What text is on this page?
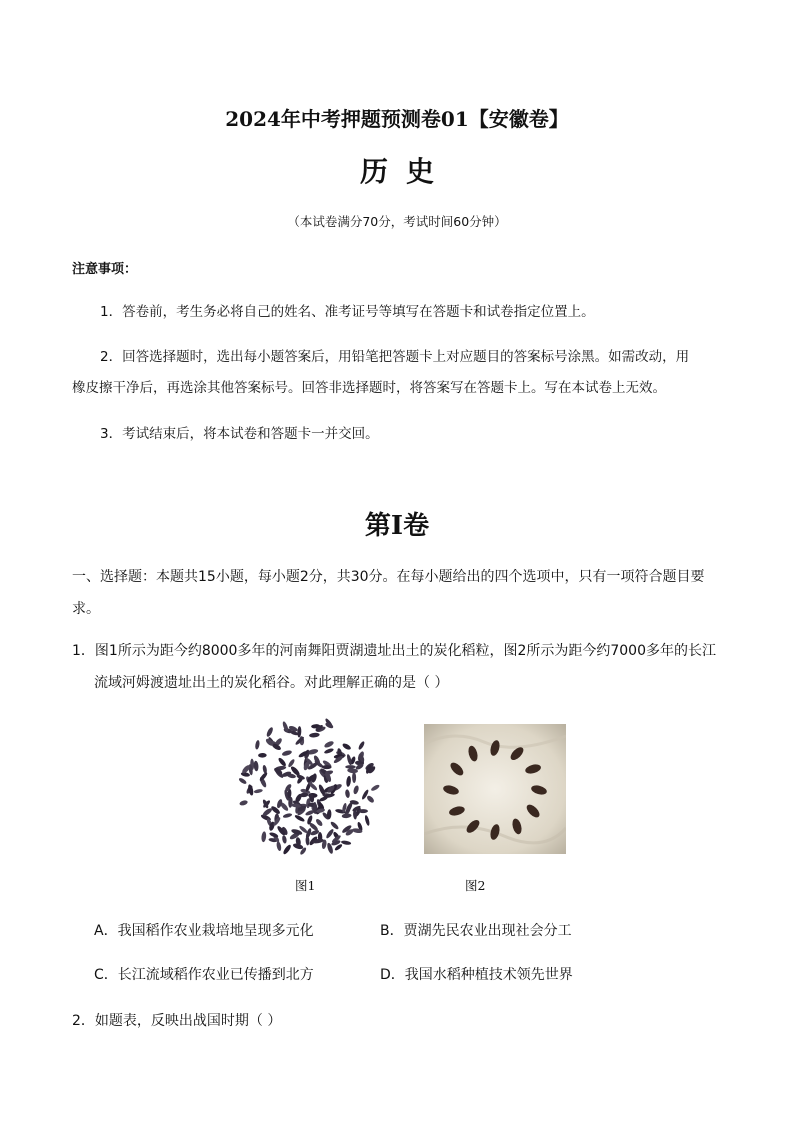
2024年中考押题预测卷01【安徽卷】
历史
（本试卷满分70分，考试时间60分钟）
注意事项：
1．答卷前，考生务必将自己的姓名、准考证号等填写在答题卡和试卷指定位置上。
2．回答选择题时，选出每小题答案后，用铅笔把答题卡上对应题目的答案标号涂黑。如需改动，用
橡皮擦干净后，再选涂其他答案标号。回答非选择题时，将答案写在答题卡上。写在本试卷上无效。
3．考试结束后，将本试卷和答题卡一并交回。
第Ⅰ卷
一、选择题：本题共15小题，每小题2分，共30分。在每小题给出的四个选项中，只有一项符合题目要
求。
1．图1所示为距今约8000多年的河南舞阳贾湖遗址出土的炭化稻粒，图2所示为距今约7000多年的长江
流域河姆渡遗址出土的炭化稻谷。对此理解正确的是（ ）
图1	图2
A．我国稻作农业栽培地呈现多元化	B．贾湖先民农业出现社会分工
C．长江流域稻作农业已传播到北方	D．我国水稻种植技术领先世界
2．如题表，反映出战国时期（ ）
